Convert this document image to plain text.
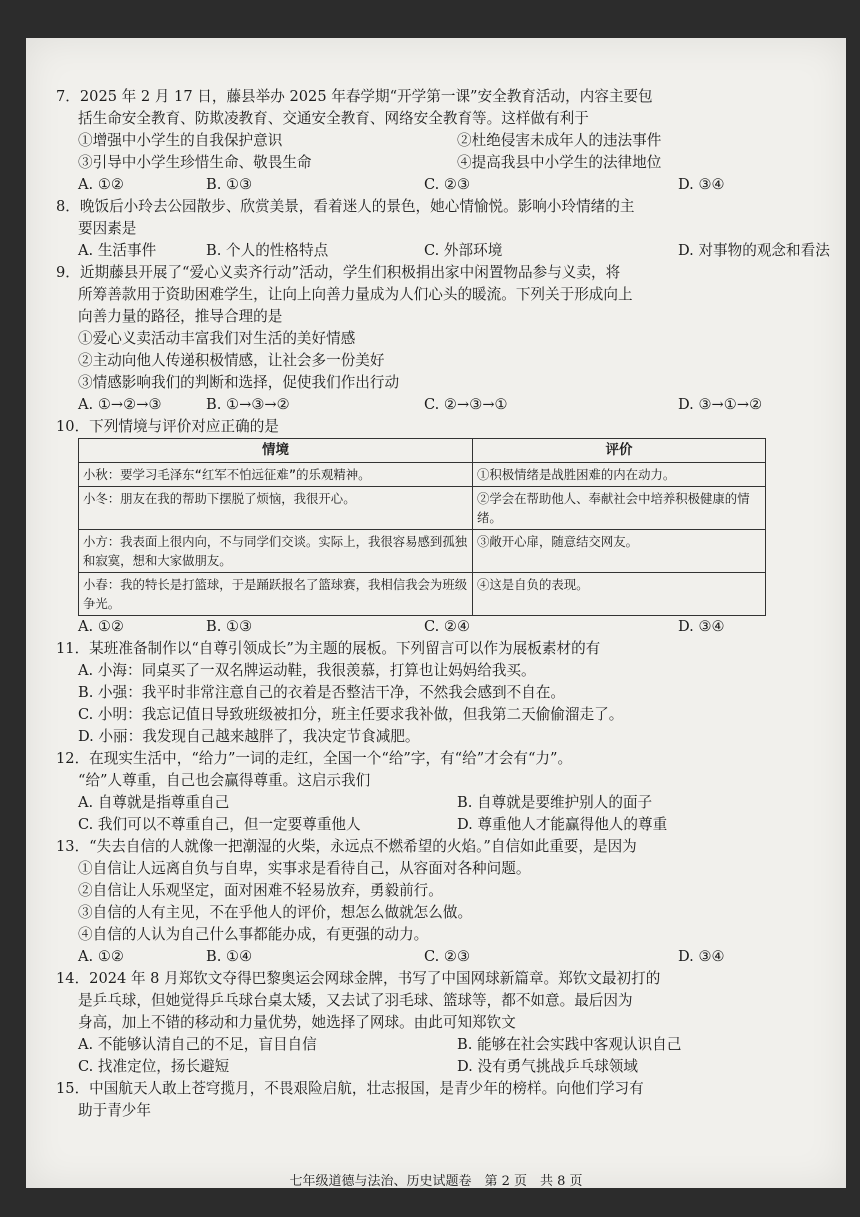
7．2025 年 2 月 17 日，藤县举办 2025 年春学期“开学第一课”安全教育活动，内容主要包

括生命安全教育、防欺凌教育、交通安全教育、网络安全教育等。这样做有利于

①增强中小学生的自我保护意识	②杜绝侵害未成年人的违法事件
③引导中小学生珍惜生命、敬畏生命	④提高我县中小学生的法律地位
A. ①②	B. ①③	C. ②③	D. ③④

8．晚饭后小玲去公园散步、欣赏美景，看着迷人的景色，她心情愉悦。影响小玲情绪的主

要因素是

A. 生活事件	B. 个人的性格特点	C. 外部环境	D. 对事物的观念和看法

9．近期藤县开展了“爱心义卖齐行动”活动，学生们积极捐出家中闲置物品参与义卖，将

所筹善款用于资助困难学生，让向上向善力量成为人们心头的暖流。下列关于形成向上

向善力量的路径，推导合理的是

①爱心义卖活动丰富我们对生活的美好情感

②主动向他人传递积极情感，让社会多一份美好

③情感影响我们的判断和选择，促使我们作出行动

A. ①→②→③	B. ①→③→②	C. ②→③→①	D. ③→①→②

10．下列情境与评价对应正确的是

情境	评价
小秋：要学习毛泽东“红军不怕远征难”的乐观精神。	①积极情绪是战胜困难的内在动力。
小冬：朋友在我的帮助下摆脱了烦恼，我很开心。	②学会在帮助他人、奉献社会中培养积极健康的情绪。
小方：我表面上很内向，不与同学们交谈。实际上，我很容易感到孤独和寂寞，想和大家做朋友。	③敞开心扉，随意结交网友。
小春：我的特长是打篮球，于是踊跃报名了篮球赛，我相信我会为班级争光。	④这是自负的表现。
A. ①②	B. ①③	C. ②④	D. ③④

11．某班准备制作以“自尊引领成长”为主题的展板。下列留言可以作为展板素材的有

A. 小海：同桌买了一双名牌运动鞋，我很羡慕，打算也让妈妈给我买。

B. 小强：我平时非常注意自己的衣着是否整洁干净，不然我会感到不自在。

C. 小明：我忘记值日导致班级被扣分，班主任要求我补做，但我第二天偷偷溜走了。

D. 小丽：我发现自己越来越胖了，我决定节食减肥。

12．在现实生活中，“给力”一词的走红，全国一个“给”字，有“给”才会有“力”。

“给”人尊重，自己也会赢得尊重。这启示我们

A. 自尊就是指尊重自己	B. 自尊就是要维护别人的面子
C. 我们可以不尊重自己，但一定要尊重他人	D. 尊重他人才能赢得他人的尊重

13．“失去自信的人就像一把潮湿的火柴，永远点不燃希望的火焰。”自信如此重要，是因为

①自信让人远离自负与自卑，实事求是看待自己，从容面对各种问题。

②自信让人乐观坚定，面对困难不轻易放弃，勇毅前行。

③自信的人有主见，不在乎他人的评价，想怎么做就怎么做。

④自信的人认为自己什么事都能办成，有更强的动力。

A. ①②	B. ①④	C. ②③	D. ③④

14．2024 年 8 月郑钦文夺得巴黎奥运会网球金牌，书写了中国网球新篇章。郑钦文最初打的

是乒乓球，但她觉得乒乓球台桌太矮，又去试了羽毛球、篮球等，都不如意。最后因为

身高，加上不错的移动和力量优势，她选择了网球。由此可知郑钦文

A. 不能够认清自己的不足，盲目自信	B. 能够在社会实践中客观认识自己
C. 找准定位，扬长避短	D. 没有勇气挑战乒乓球领域

15．中国航天人敢上苍穹揽月，不畏艰险启航，壮志报国，是青少年的榜样。向他们学习有

助于青少年

七年级道德与法治、历史试题卷　第 2 页　共 8 页
